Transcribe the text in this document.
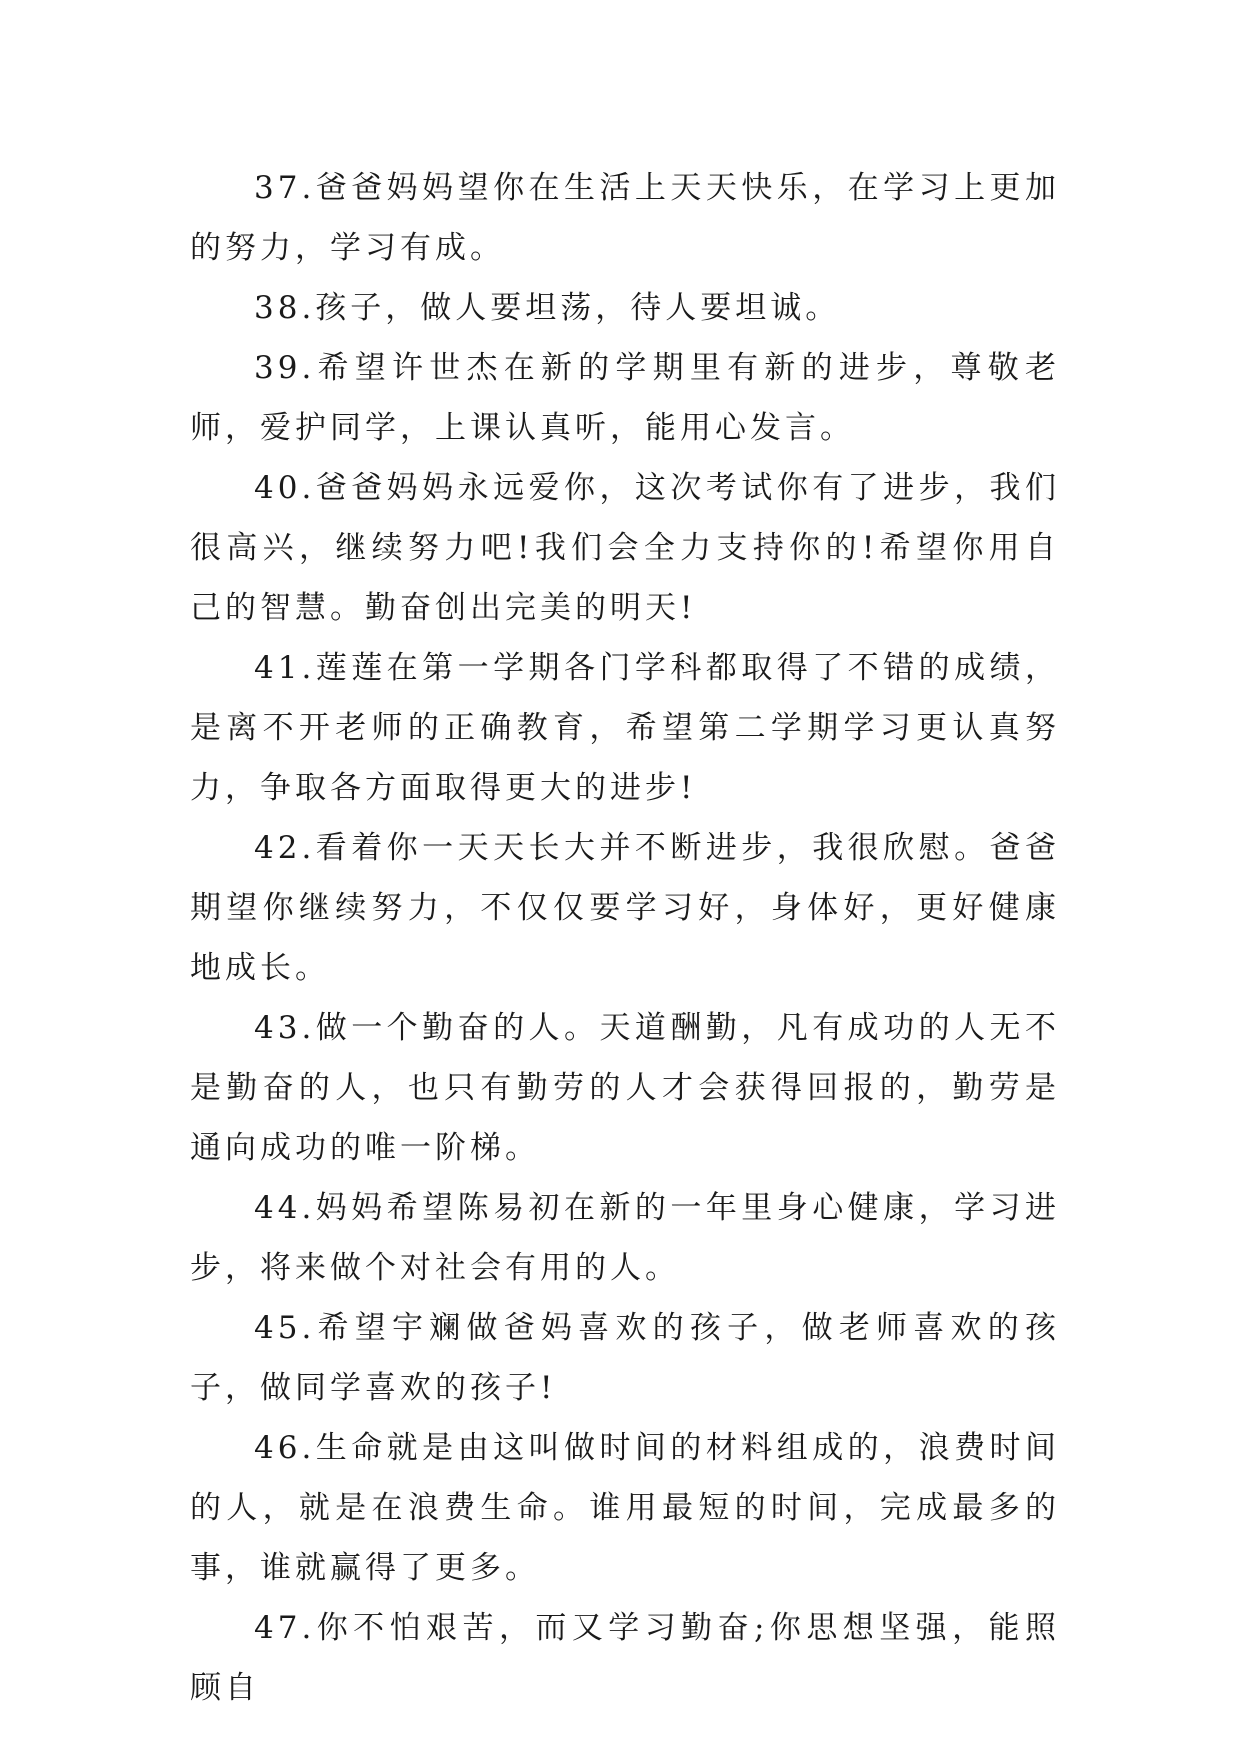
37.爸爸妈妈望你在生活上天天快乐，在学习上更加的努力，学习有成。

38.孩子，做人要坦荡，待人要坦诚。

39.希望许世杰在新的学期里有新的进步，尊敬老师，爱护同学，上课认真听，能用心发言。

40.爸爸妈妈永远爱你，这次考试你有了进步，我们很高兴，继续努力吧!我们会全力支持你的!希望你用自己的智慧。勤奋创出完美的明天!

41.莲莲在第一学期各门学科都取得了不错的成绩，是离不开老师的正确教育，希望第二学期学习更认真努力，争取各方面取得更大的进步!

42.看着你一天天长大并不断进步，我很欣慰。爸爸期望你继续努力，不仅仅要学习好，身体好，更好健康地成长。

43.做一个勤奋的人。天道酬勤，凡有成功的人无不是勤奋的人，也只有勤劳的人才会获得回报的，勤劳是通向成功的唯一阶梯。

44.妈妈希望陈易初在新的一年里身心健康，学习进步，将来做个对社会有用的人。

45.希望宇斓做爸妈喜欢的孩子，做老师喜欢的孩子，做同学喜欢的孩子!

46.生命就是由这叫做时间的材料组成的，浪费时间的人，就是在浪费生命。谁用最短的时间，完成最多的事，谁就赢得了更多。

47.你不怕艰苦，而又学习勤奋;你思想坚强，能照顾自
